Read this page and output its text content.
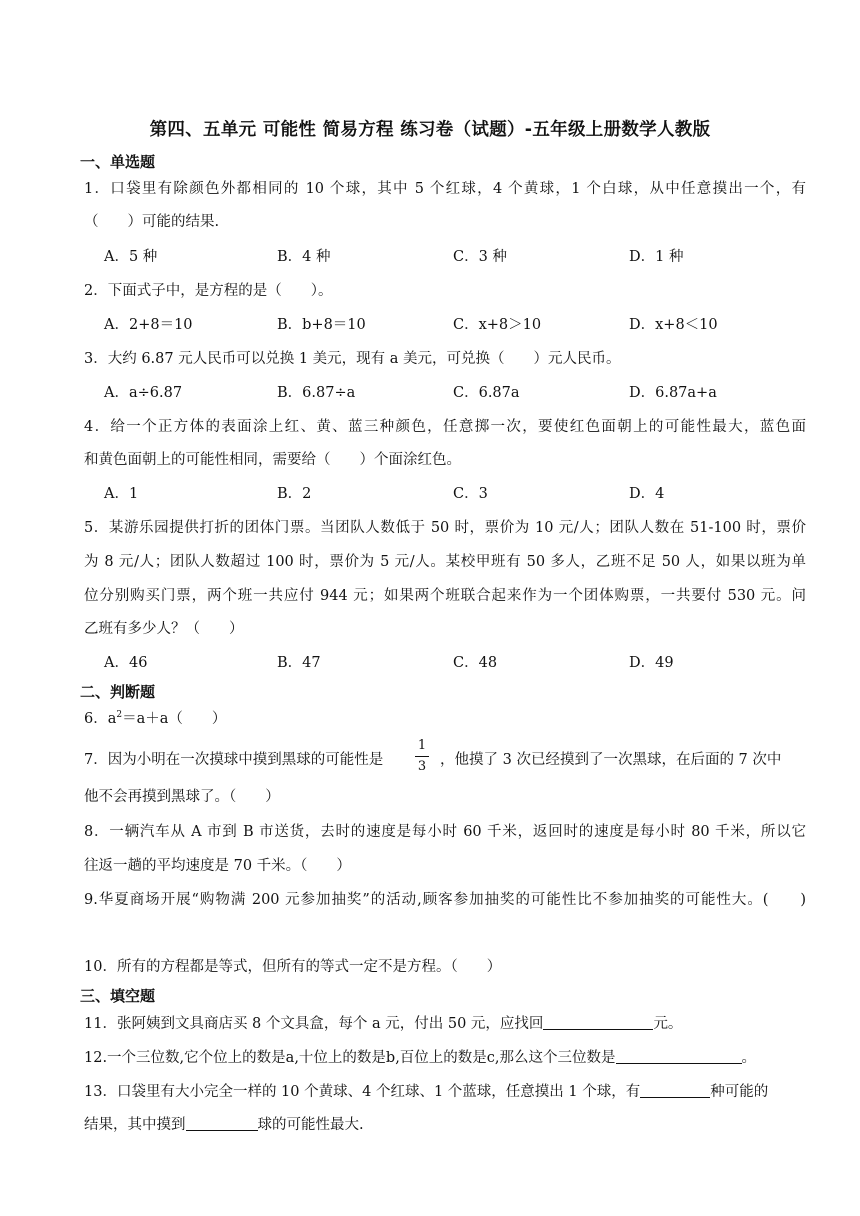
第四、五单元 可能性 简易方程 练习卷（试题）-五年级上册数学人教版
一、单选题
1．口袋里有除颜色外都相同的 10 个球，其中 5 个红球，4 个黄球，1 个白球，从中任意摸出一个，有
（　　）可能的结果.
A．5 种	B．4 种	C．3 种	D．1 种
2．下面式子中，是方程的是（　　）。
A．2+8＝10	B．b+8＝10	C．x+8＞10	D．x+8＜10
3．大约 6.87 元人民币可以兑换 1 美元，现有 a 美元，可兑换（　　）元人民币。
A．a÷6.87	B．6.87÷a	C．6.87a	D．6.87a+a
4．给一个正方体的表面涂上红、黄、蓝三种颜色，任意掷一次，要使红色面朝上的可能性最大，蓝色面
和黄色面朝上的可能性相同，需要给（　　）个面涂红色。
A．1	B．2	C．3	D．4
5．某游乐园提供打折的团体门票。当团队人数低于 50 时，票价为 10 元/人；团队人数在 51-100 时，票价
为 8 元/人；团队人数超过 100 时，票价为 5 元/人。某校甲班有 50 多人，乙班不足 50 人，如果以班为单
位分别购买门票，两个班一共应付 944 元；如果两个班联合起来作为一个团体购票，一共要付 530 元。问
乙班有多少人？（　　）
A．46	B．47	C．48	D．49
二、判断题
6．$a^2=a+a$（　　）
7．因为小明在一次摸球中摸到黑球的可能性是
1
3 ，他摸了 3 次已经摸到了一次黑球，在后面的 7 次中
他不会再摸到黑球了。（　　）
8．一辆汽车从 A 市到 B 市送货，去时的速度是每小时 60 千米，返回时的速度是每小时 80 千米，所以它
往返一趟的平均速度是 70 千米。（　　）
9.华夏商场开展“购物满 200 元参加抽奖”的活动,顾客参加抽奖的可能性比不参加抽奖的可能性大。(　　)
10．所有的方程都是等式，但所有的等式一定不是方程。（　　）
三、填空题
11．张阿姨到文具商店买 8 个文具盒，每个 a 元，付出 50 元，应找回	元。
12.一个三位数,它个位上的数是a,十位上的数是b,百位上的数是c,那么这个三位数是	。
13．口袋里有大小完全一样的 10 个黄球、4 个红球、1 个蓝球，任意摸出 1 个球，有	种可能的
结果，其中摸到	球的可能性最大.
